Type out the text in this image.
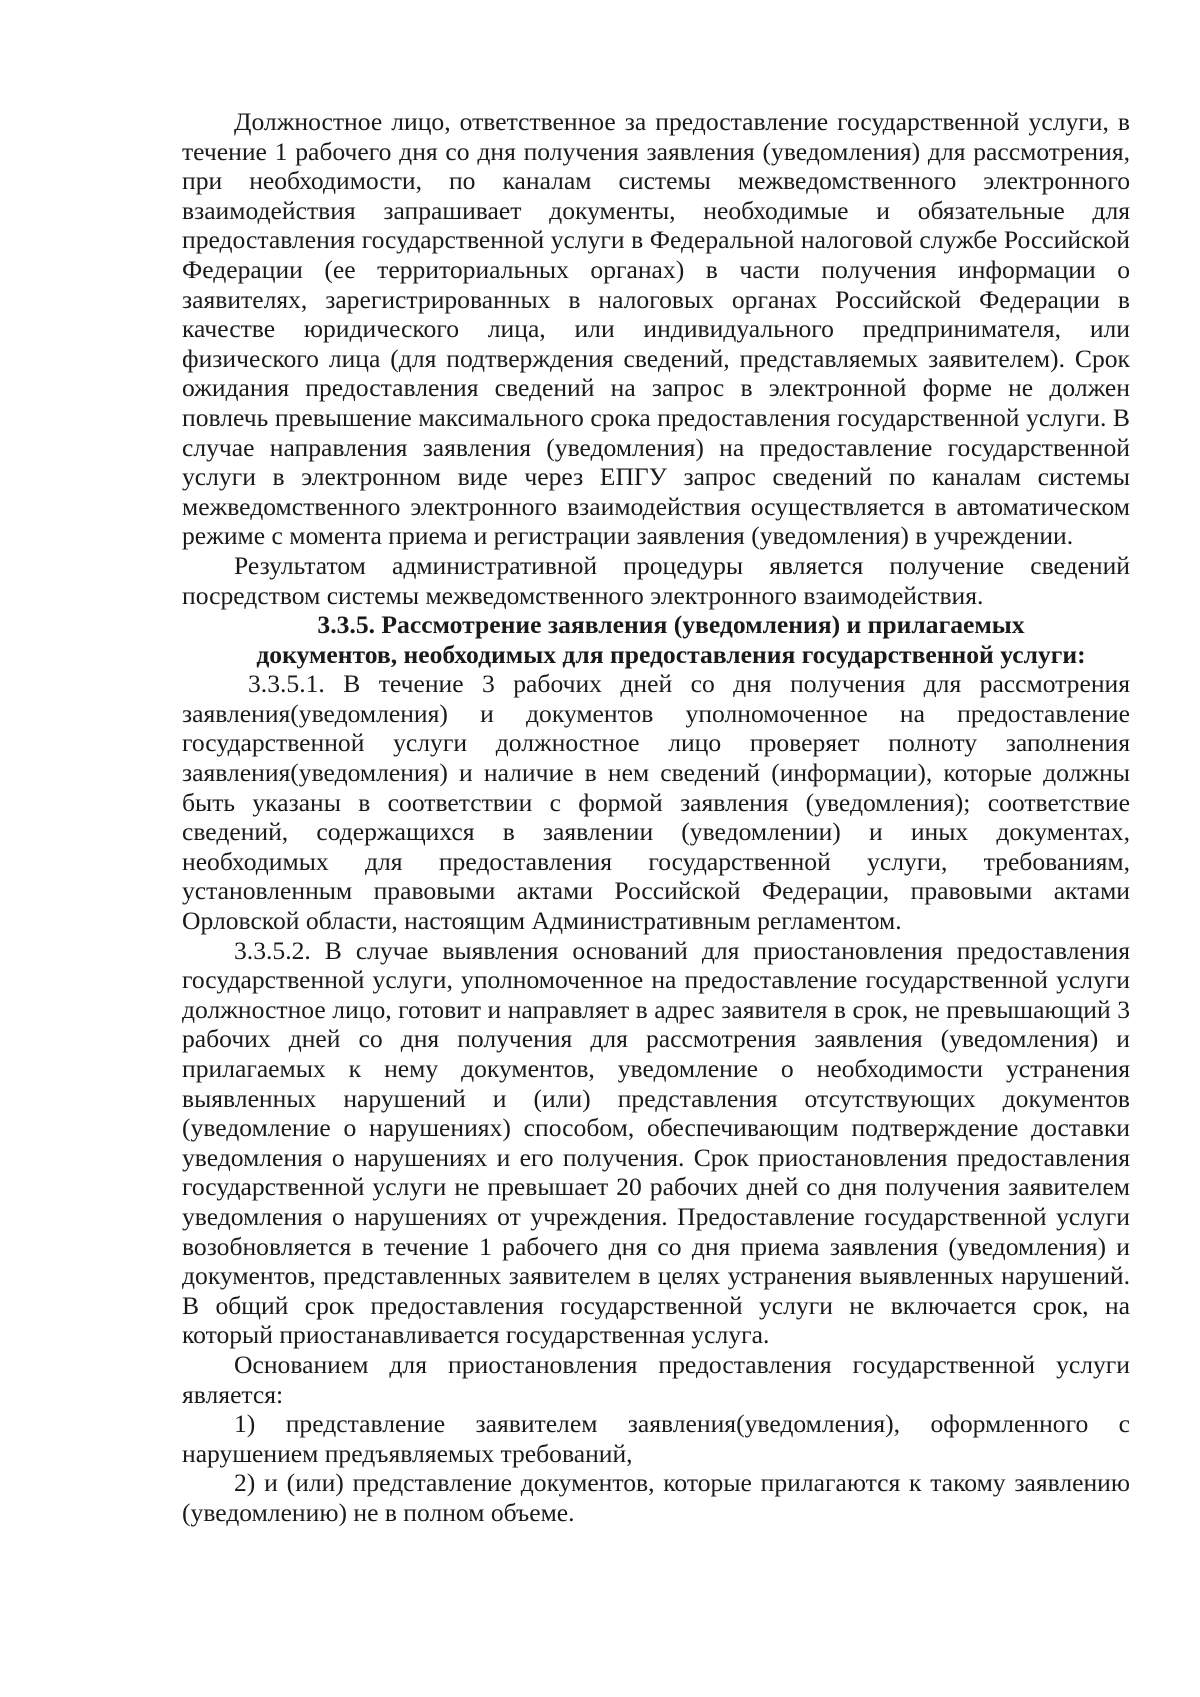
Должностное лицо, ответственное за предоставление государственной услуги, в течение 1 рабочего дня со дня получения заявления (уведомления) для рассмотрения, при необходимости, по каналам системы межведомственного электронного взаимодействия запрашивает документы, необходимые и обязательные для предоставления государственной услуги в Федеральной налоговой службе Российской Федерации (ее территориальных органах) в части получения информации о заявителях, зарегистрированных в налоговых органах Российской Федерации в качестве юридического лица, или индивидуального предпринимателя, или физического лица (для подтверждения сведений, представляемых заявителем). Срок ожидания предоставления сведений на запрос в электронной форме не должен повлечь превышение максимального срока предоставления государственной услуги. В случае направления заявления (уведомления) на предоставление государственной услуги в электронном виде через ЕПГУ запрос сведений по каналам системы межведомственного электронного взаимодействия осуществляется в автоматическом режиме с момента приема и регистрации заявления (уведомления) в учреждении.

Результатом административной процедуры является получение сведений посредством системы межведомственного электронного взаимодействия.

3.3.5. Рассмотрение заявления (уведомления) и прилагаемых

документов, необходимых для предоставления государственной услуги:

3.3.5.1. В течение 3 рабочих дней со дня получения для рассмотрения заявления(уведомления) и документов уполномоченное на предоставление государственной услуги должностное лицо проверяет полноту заполнения заявления(уведомления) и наличие в нем сведений (информации), которые должны быть указаны в соответствии с формой заявления (уведомления); соответствие сведений, содержащихся в заявлении (уведомлении) и иных документах, необходимых для предоставления государственной услуги, требованиям, установленным правовыми актами Российской Федерации, правовыми актами Орловской области, настоящим Административным регламентом.

3.3.5.2. В случае выявления оснований для приостановления предоставления государственной услуги, уполномоченное на предоставление государственной услуги должностное лицо, готовит и направляет в адрес заявителя в срок, не превышающий 3 рабочих дней со дня получения для рассмотрения заявления (уведомления) и прилагаемых к нему документов, уведомление о необходимости устранения выявленных нарушений и (или) представления отсутствующих документов (уведомление о нарушениях) способом, обеспечивающим подтверждение доставки уведомления о нарушениях и его получения. Срок приостановления предоставления государственной услуги не превышает 20 рабочих дней со дня получения заявителем уведомления о нарушениях от учреждения. Предоставление государственной услуги возобновляется в течение 1 рабочего дня со дня приема заявления (уведомления) и документов, представленных заявителем в целях устранения выявленных нарушений. В общий срок предоставления государственной услуги не включается срок, на который приостанавливается государственная услуга.

Основанием для приостановления предоставления государственной услуги является:

1) представление заявителем заявления(уведомления), оформленного с нарушением предъявляемых требований,

2) и (или) представление документов, которые прилагаются к такому заявлению (уведомлению) не в полном объеме.
